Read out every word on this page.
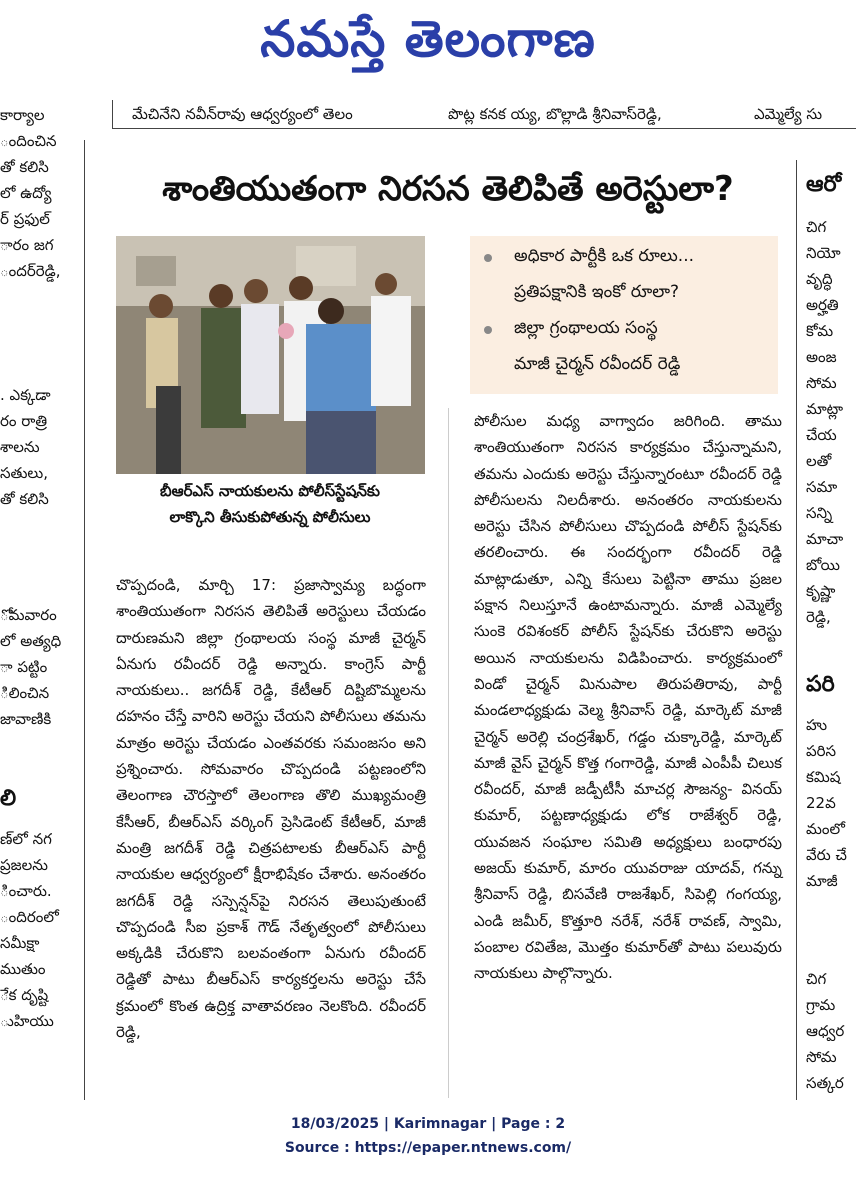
నమస్తే తెలంగాణ
మేచినేని నవీన్‌రావు ఆధ్వర్యంలో తెలం	పొట్ల కనక య్య, బొల్లాడి శ్రీనివాస్‌రెడ్డి,	ఎమ్మెల్యే సు
కార్యాల
ందించిన
తో కలిసి
లో ఉద్యో
ర్ ప్రఫుల్
ారం జగ
ందర్‌రెడ్డి,
. ఎక్కడా
రం రాత్రి
శాలను
సతులు,
తో కలిసి
ోమవారం
లో అత్యధి
ా పట్టిం
ిలించిన
జావాణికి
లి
ణ్‌లో నగ
ప్రజలను
ించారు.
ందిరంలో
సమీక్షా
ముతుం
ేక దృష్టి
ుహియు
ఆరో
చిగ
నియో
వృద్ధి
అర్హతి
కోమ
అంజ
సోమ
మాట్లా
చేయ
లతో
సమా
సన్ని
మాచా
బోయి
కృష్ణా
రెడ్డి,
పరి
హు
పరిస
కమిష
22వ
మంలో
వేరు చే
మాజీ
చిగ
గ్రామ
ఆధ్వర
సోమ
సత్కర
శాంతియుతంగా నిరసన తెలిపితే అరెస్టులా?
బీఆర్‌ఎస్ నాయకులను పోలీస్‌స్టేషన్‌కు
లాక్కొని తీసుకుపోతున్న పోలీసులు
అధికార పార్టీకి ఒక రూలు...
ప్రతిపక్షానికి ఇంకో రూలా?
జిల్లా గ్రంథాలయ సంస్థ
మాజీ చైర్మన్ రవీందర్ రెడ్డి
చొప్పదండి, మార్చి 17: ప్రజాస్వామ్య బద్ధంగా శాంతియుతంగా నిరసన తెలిపితే అరెస్టులు చేయడం దారుణమని జిల్లా గ్రంథాలయ సంస్థ మాజీ చైర్మన్ ఏనుగు రవీందర్ రెడ్డి అన్నారు. కాంగ్రెస్ పార్టీ నాయకులు.. జగదీశ్ రెడ్డి, కేటీఆర్ దిష్టిబొమ్మలను దహనం చేస్తే వారిని అరెస్టు చేయని పోలీసులు తమను మాత్రం అరెస్టు చేయడం ఎంతవరకు సమంజసం అని ప్రశ్నించారు. సోమవారం చొప్పదండి పట్టణంలోని తెలంగాణ చౌరస్తాలో తెలంగాణ తొలి ముఖ్యమంత్రి కేసీఆర్, బీఆర్‌ఎస్ వర్కింగ్ ప్రెసిడెంట్ కేటీఆర్, మాజీ మంత్రి జగదీశ్ రెడ్డి చిత్రపటాలకు బీఆర్‌ఎస్ పార్టీ నాయకుల ఆధ్వర్యంలో క్షీరాభిషేకం చేశారు. అనంతరం జగదీశ్ రెడ్డి సస్పెన్షన్‌పై నిరసన తెలుపుతుంటే చొప్పదండి సీఐ ప్రకాశ్ గౌడ్ నేతృత్వంలో పోలీసులు అక్కడికి చేరుకొని బలవంతంగా ఏనుగు రవీందర్ రెడ్డితో పాటు బీఆర్‌ఎస్ కార్యకర్తలను అరెస్టు చేసే క్రమంలో కొంత ఉద్రిక్త వాతావరణం నెలకొంది. రవీందర్ రెడ్డి,
పోలీసుల మధ్య వాగ్వాదం జరిగింది. తాము శాంతియుతంగా నిరసన కార్యక్రమం చేస్తున్నామని, తమను ఎందుకు అరెస్టు చేస్తున్నారంటూ రవీందర్ రెడ్డి పోలీసులను నిలదీశారు. అనంతరం నాయకులను అరెస్టు చేసిన పోలీసులు చొప్పదండి పోలీస్ స్టేషన్‌కు తరలించారు. ఈ సందర్భంగా రవీందర్ రెడ్డి మాట్లాడుతూ, ఎన్ని కేసులు పెట్టినా తాము ప్రజల పక్షాన నిలుస్తూనే ఉంటామన్నారు. మాజీ ఎమ్మెల్యే సుంకె రవిశంకర్ పోలీస్ స్టేషన్‌కు చేరుకొని అరెస్టు అయిన నాయకులను విడిపించారు. కార్యక్రమంలో విండో చైర్మన్ మినుపాల తిరుపతిరావు, పార్టీ మండలాధ్యక్షుడు వెల్మ శ్రీనివాస్ రెడ్డి, మార్కెట్ మాజీ చైర్మన్ అరెల్లి చంద్రశేఖర్, గడ్డం చుక్కారెడ్డి, మార్కెట్ మాజీ వైస్ చైర్మన్ కొత్త గంగారెడ్డి, మాజీ ఎంపీపీ చిలుక రవీందర్, మాజీ జడ్పీటీసీ మాచర్ల సౌజన్య- వినయ్ కుమార్, పట్టణాధ్యక్షుడు లోక రాజేశ్వర్ రెడ్డి, యువజన సంఘాల సమితి అధ్యక్షులు బంధారపు అజయ్ కుమార్, మారం యువరాజు యాదవ్, గన్ను శ్రీనివాస్ రెడ్డి, బిసవేణి రాజశేఖర్, సిపెల్లి గంగయ్య, ఎండి జమీర్, కొత్తూరి నరేశ్, నరేశ్ రావణ్, స్వామి, పంబాల రవితేజ, మొత్తం కుమార్‌తో పాటు పలువురు నాయకులు పాల్గొన్నారు.
18/03/2025 | Karimnagar | Page : 2
Source : https://epaper.ntnews.com/
